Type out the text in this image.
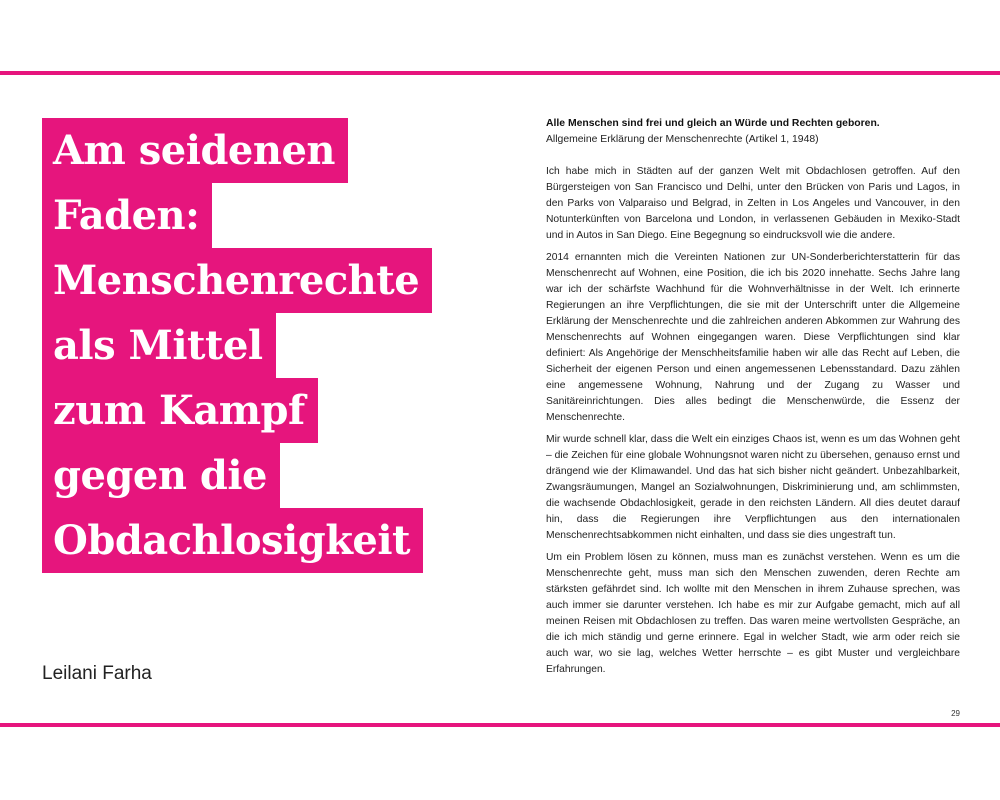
Am seidenen
Faden:
Menschenrechte
als Mittel
zum Kampf
gegen die
Obdachlosigkeit
Leilani Farha

Alle Menschen sind frei und gleich an Würde und Rechten geboren.

Allgemeine Erklärung der Menschenrechte (Artikel 1, 1948)

Ich habe mich in Städten auf der ganzen Welt mit Obdachlosen getroffen. Auf den Bürgersteigen von San Francisco und Delhi, unter den Brücken von Paris und Lagos, in den Parks von Valparaiso und Belgrad, in Zelten in Los Angeles und Vancouver, in den Notunterkünften von Barcelona und London, in verlassenen Gebäuden in Mexiko-Stadt und in Autos in San Diego. Eine Begegnung so eindrucksvoll wie die andere.

2014 ernannten mich die Vereinten Nationen zur UN-Sonderberichterstatterin für das Menschenrecht auf Wohnen, eine Position, die ich bis 2020 innehatte. Sechs Jahre lang war ich der schärfste Wachhund für die Wohnverhältnisse in der Welt. Ich erinnerte Regierungen an ihre Verpflichtungen, die sie mit der Unterschrift unter die Allgemeine Erklärung der Menschenrechte und die zahlreichen anderen Abkommen zur Wahrung des Menschenrechts auf Wohnen eingegangen waren. Diese Verpflichtungen sind klar definiert: Als Angehörige der Menschheitsfamilie haben wir alle das Recht auf Leben, die Sicherheit der eigenen Person und einen angemessenen Lebensstandard. Dazu zählen eine angemessene Wohnung, Nahrung und der Zugang zu Wasser und Sanitäreinrichtungen. Dies alles bedingt die Menschenwürde, die Essenz der Menschenrechte.

Mir wurde schnell klar, dass die Welt ein einziges Chaos ist, wenn es um das Wohnen geht – die Zeichen für eine globale Wohnungsnot waren nicht zu übersehen, genauso ernst und drängend wie der Klimawandel. Und das hat sich bisher nicht geändert. Unbezahlbarkeit, Zwangsräumungen, Mangel an Sozialwohnungen, Diskriminierung und, am schlimmsten, die wachsende Obdachlosigkeit, gerade in den reichsten Ländern. All dies deutet darauf hin, dass die Regierungen ihre Verpflichtungen aus den internationalen Menschenrechtsabkommen nicht einhalten, und dass sie dies ungestraft tun.

Um ein Problem lösen zu können, muss man es zunächst verstehen. Wenn es um die Menschenrechte geht, muss man sich den Menschen zuwenden, deren Rechte am stärksten gefährdet sind. Ich wollte mit den Menschen in ihrem Zuhause sprechen, was auch immer sie darunter verstehen. Ich habe es mir zur Aufgabe gemacht, mich auf all meinen Reisen mit Obdachlosen zu treffen. Das waren meine wertvollsten Gespräche, an die ich mich ständig und gerne erinnere. Egal in welcher Stadt, wie arm oder reich sie auch war, wo sie lag, welches Wetter herrschte – es gibt Muster und vergleichbare Erfahrungen.

29
